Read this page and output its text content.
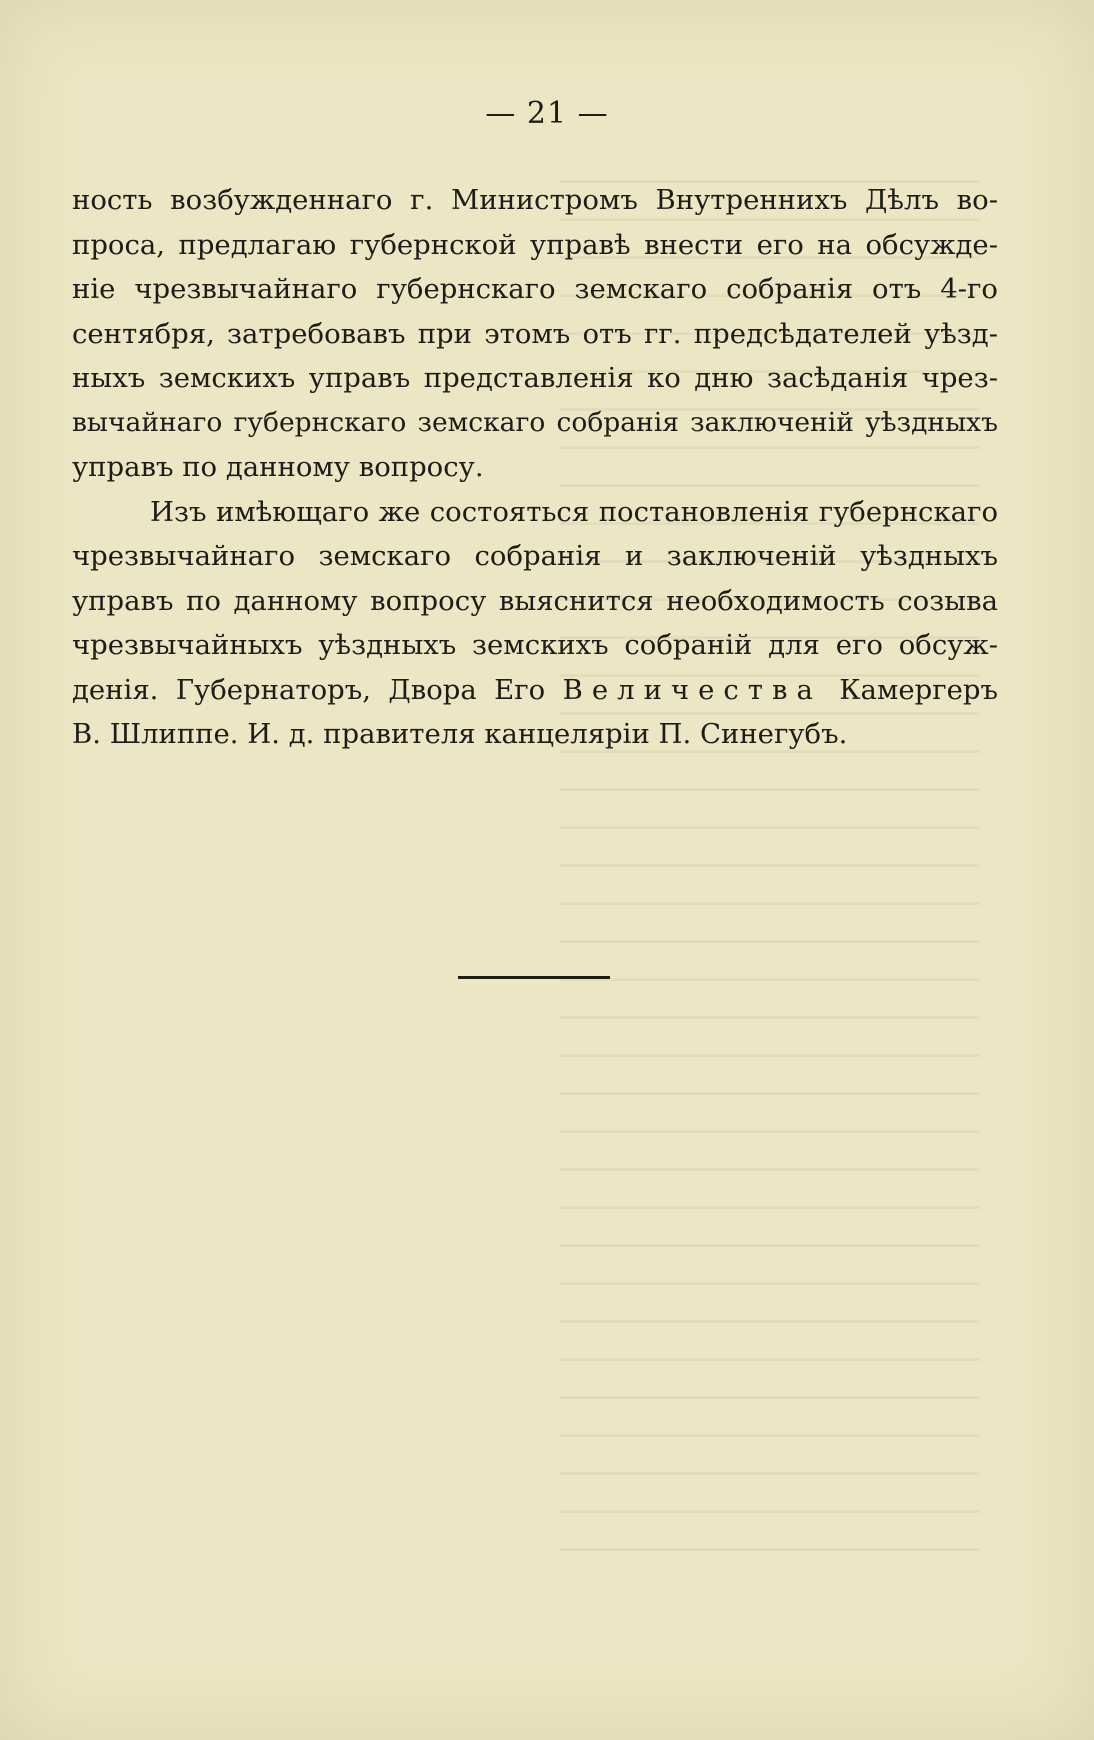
— 21 —

ность возбужденнаго г. Министромъ Внутреннихъ Дѣлъ во-
проса, предлагаю губернской управѣ внести его на обсужде-
ніе чрезвычайнаго губернскаго земскаго собранія отъ 4-го
сентября, затребовавъ при этомъ отъ гг. предсѣдателей уѣзд-
ныхъ земскихъ управъ представленія ко дню засѣданія чрез-
вычайнаго губернскаго земскаго собранія заключеній уѣздныхъ
управъ по данному вопросу.
Изъ имѣющаго же состояться постановленія губернскаго
чрезвычайнаго земскаго собранія и заключеній уѣздныхъ
управъ по данному вопросу выяснится необходимость созыва
чрезвычайныхъ уѣздныхъ земскихъ собраній для его обсуж-
денія. Губернаторъ, Двора Его Величества Камергеръ
В. Шлиппе. И. д. правителя канцеляріи П. Синегубъ.
